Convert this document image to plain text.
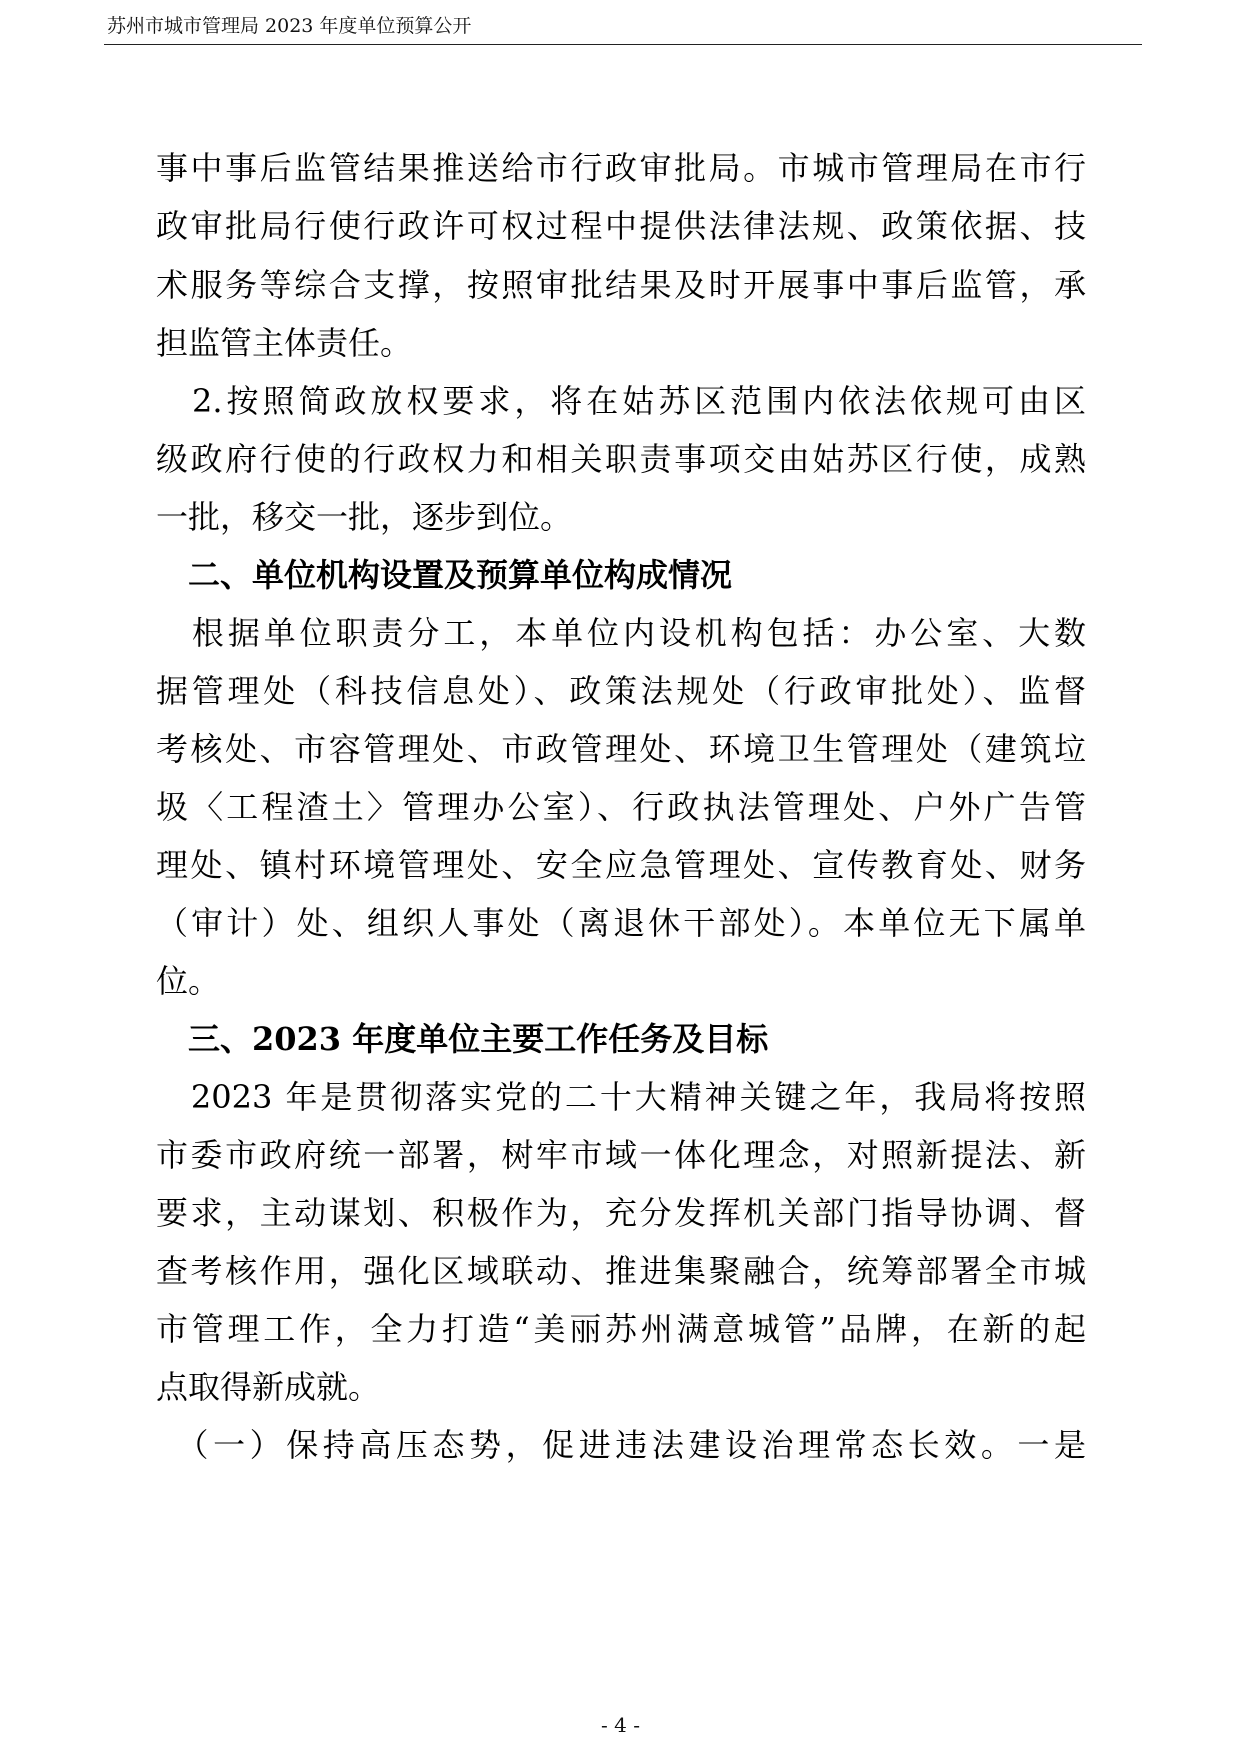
苏州市城市管理局 2023 年度单位预算公开
事中事后监管结果推送给市行政审批局。市城市管理局在市行
政审批局行使行政许可权过程中提供法律法规、政策依据、技
术服务等综合支撑，按照审批结果及时开展事中事后监管，承
担监管主体责任。
　2.按照简政放权要求，将在姑苏区范围内依法依规可由区
级政府行使的行政权力和相关职责事项交由姑苏区行使，成熟
一批，移交一批，逐步到位。
　二、单位机构设置及预算单位构成情况
　根据单位职责分工，本单位内设机构包括：办公室、大数
据管理处（科技信息处）、政策法规处（行政审批处）、监督
考核处、市容管理处、市政管理处、环境卫生管理处（建筑垃
圾〈工程渣土〉管理办公室）、行政执法管理处、户外广告管
理处、镇村环境管理处、安全应急管理处、宣传教育处、财务
（审计）处、组织人事处（离退休干部处）。本单位无下属单
位。
　三、2023 年度单位主要工作任务及目标
　2023 年是贯彻落实党的二十大精神关键之年，我局将按照
市委市政府统一部署，树牢市域一体化理念，对照新提法、新
要求，主动谋划、积极作为，充分发挥机关部门指导协调、督
查考核作用，强化区域联动、推进集聚融合，统筹部署全市城
市管理工作，全力打造“美丽苏州满意城管”品牌，在新的起
点取得新成就。
　（一）保持高压态势，促进违法建设治理常态长效。一是
- 4 -
